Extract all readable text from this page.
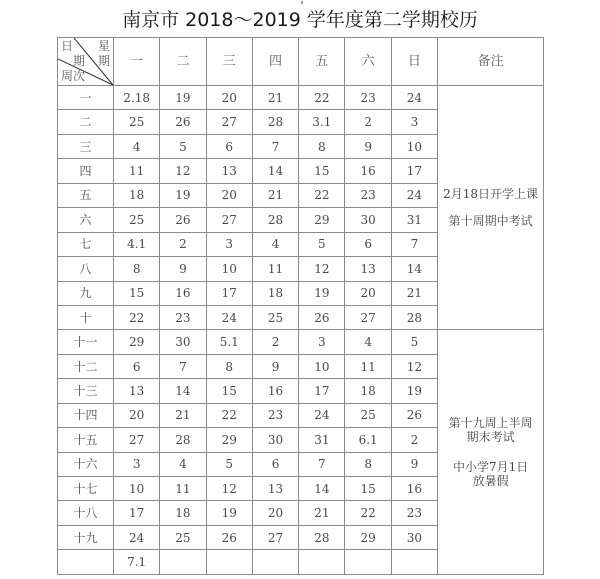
南京市 2018～2019 学年度第二学期校历
日 星
期 期
周次	一	二	三	四	五	六	日	备注
一	2.18	19	20	21	22	23	24	2月18日开学上课

第十周期中考试

二	25	26	27	28	3.1	2	3	
三	4	5	6	7	8	9	10	
四	11	12	13	14	15	16	17	
五	18	19	20	21	22	23	24	
六	25	26	27	28	29	30	31	
七	4.1	2	3	4	5	6	7	
八	8	9	10	11	12	13	14	
九	15	16	17	18	19	20	21	
十	22	23	24	25	26	27	28	
十一	29	30	5.1	2	3	4	5	第十九周上半周

期末考试

中小学7月1日

放暑假

十二	6	7	8	9	10	11	12	
十三	13	14	15	16	17	18	19	
十四	20	21	22	23	24	25	26	
十五	27	28	29	30	31	6.1	2	
十六	3	4	5	6	7	8	9	
十七	10	11	12	13	14	15	16	
十八	17	18	19	20	21	22	23	
十九	24	25	26	27	28	29	30	
	7.1							
